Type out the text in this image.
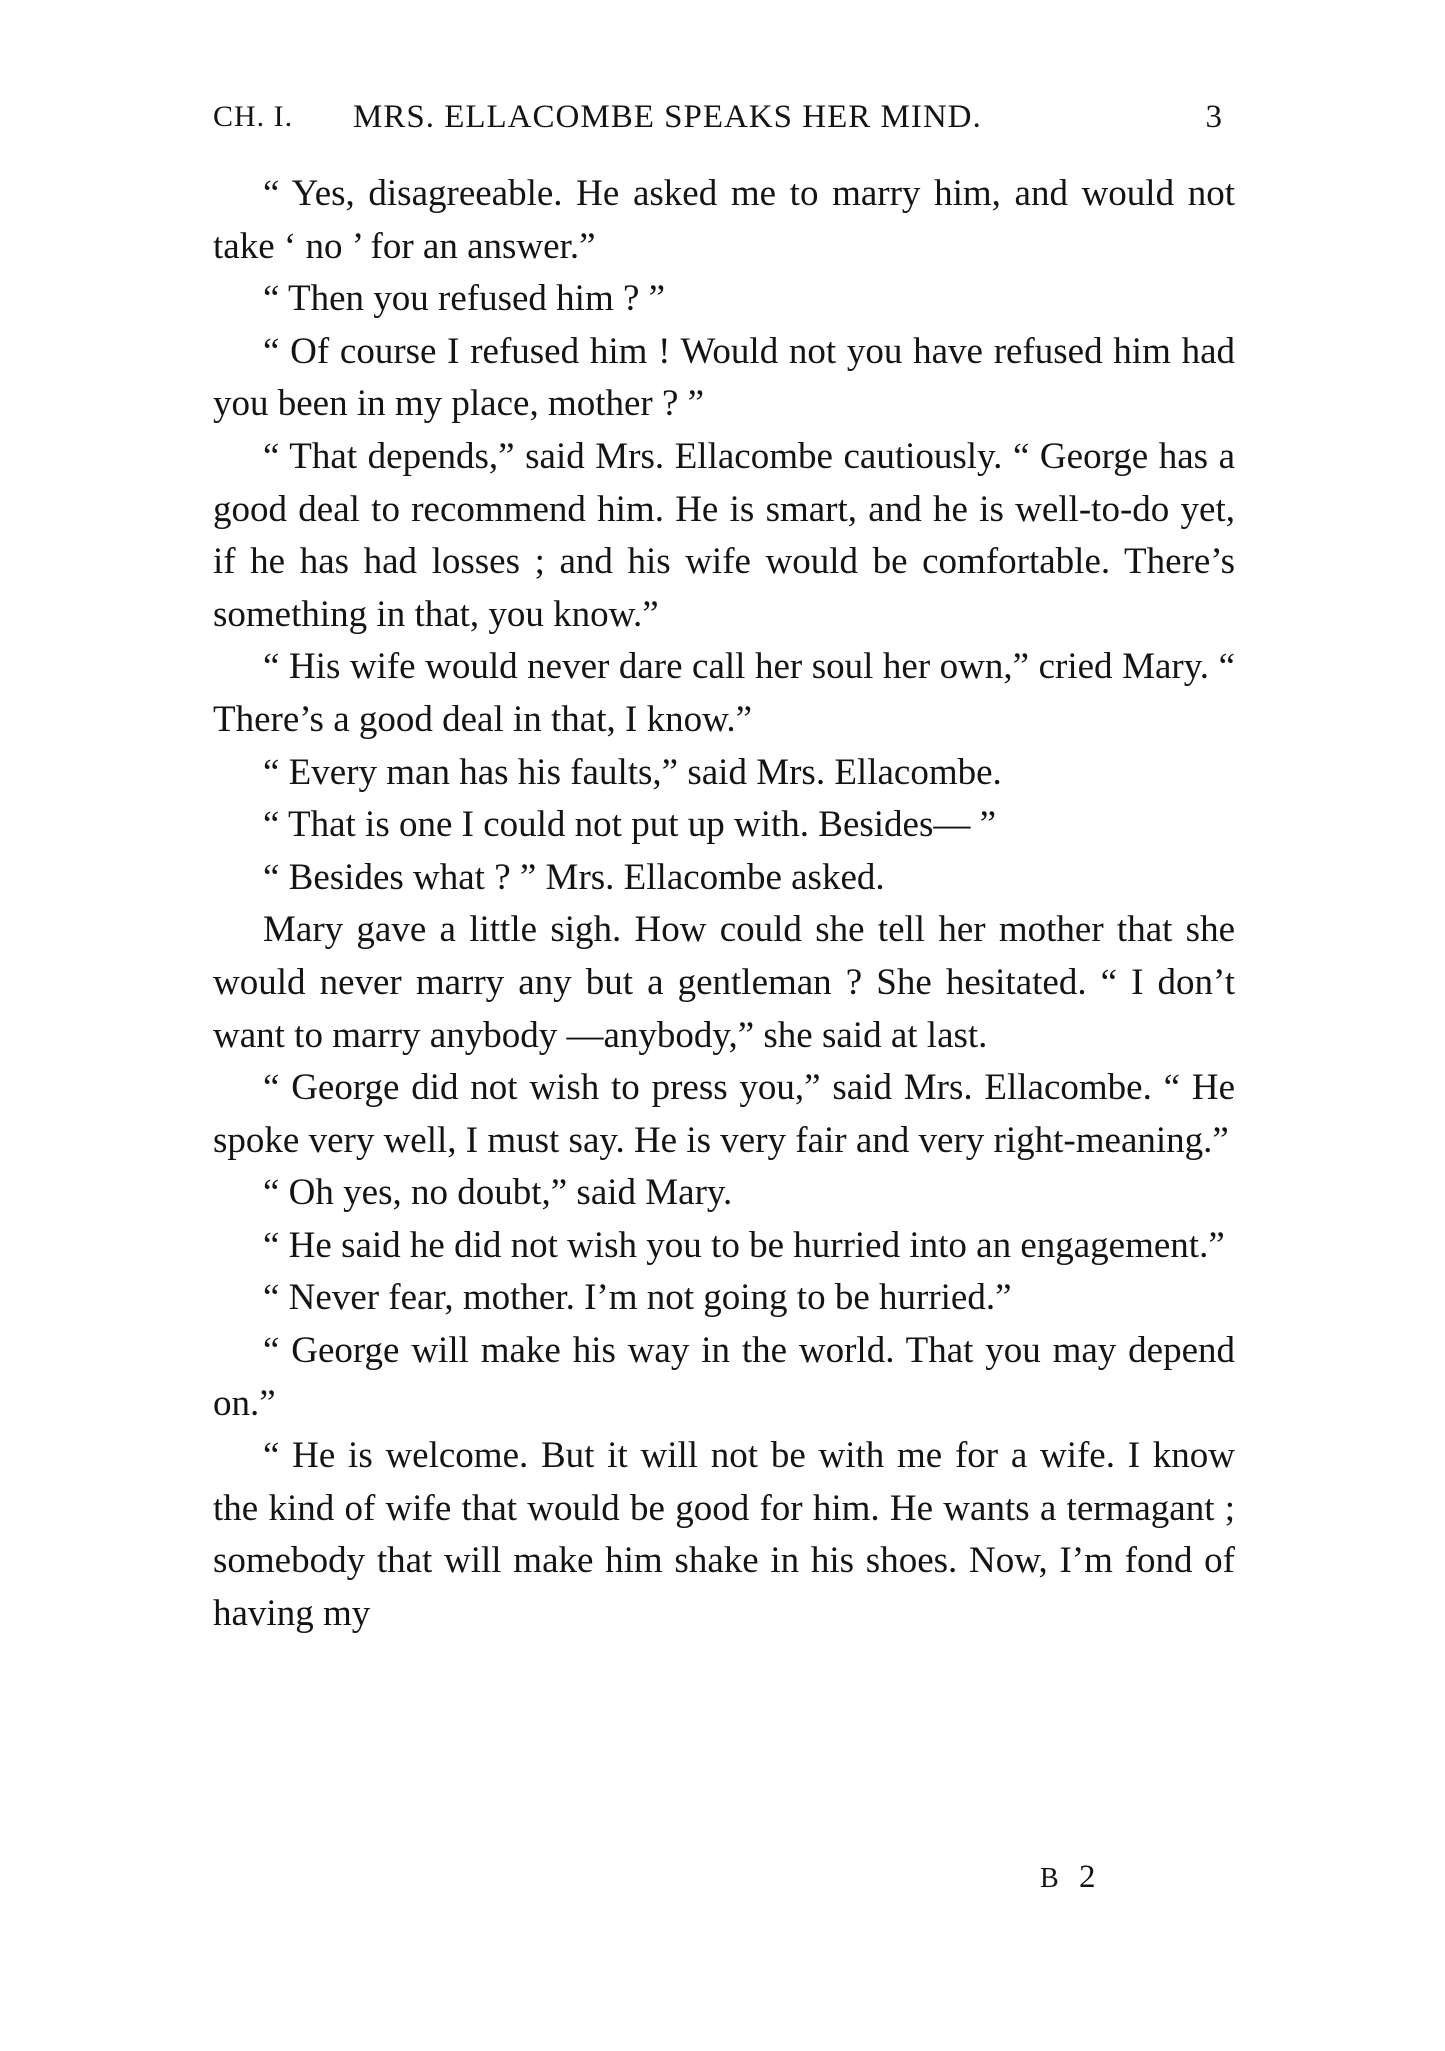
CH. I. MRS. ELLACOMBE SPEAKS HER MIND.	3

“ Yes, disagreeable. He asked me to marry him, and would not take ‘ no ’ for an answer.”

“ Then you refused him ? ”

“ Of course I refused him ! Would not you have refused him had you been in my place, mother ? ”

“ That depends,” said Mrs. Ellacombe cautiously. “ George has a good deal to recommend him. He is smart, and he is well-to-do yet, if he has had losses ; and his wife would be comfortable. There’s something in that, you know.”

“ His wife would never dare call her soul her own,” cried Mary. “ There’s a good deal in that, I know.”

“ Every man has his faults,” said Mrs. Ellacombe.

“ That is one I could not put up with. Besides— ”

“ Besides what ? ” Mrs. Ellacombe asked.

Mary gave a little sigh. How could she tell her mother that she would never marry any but a gentleman ? She hesitated. “ I don’t want to marry anybody —anybody,” she said at last.

“ George did not wish to press you,” said Mrs. Ellacombe. “ He spoke very well, I must say. He is very fair and very right-meaning.”

“ Oh yes, no doubt,” said Mary.

“ He said he did not wish you to be hurried into an engagement.”

“ Never fear, mother. I’m not going to be hurried.”

“ George will make his way in the world. That you may depend on.”

“ He is welcome. But it will not be with me for a wife. I know the kind of wife that would be good for him. He wants a termagant ; somebody that will make him shake in his shoes. Now, I’m fond of having my

B 2
